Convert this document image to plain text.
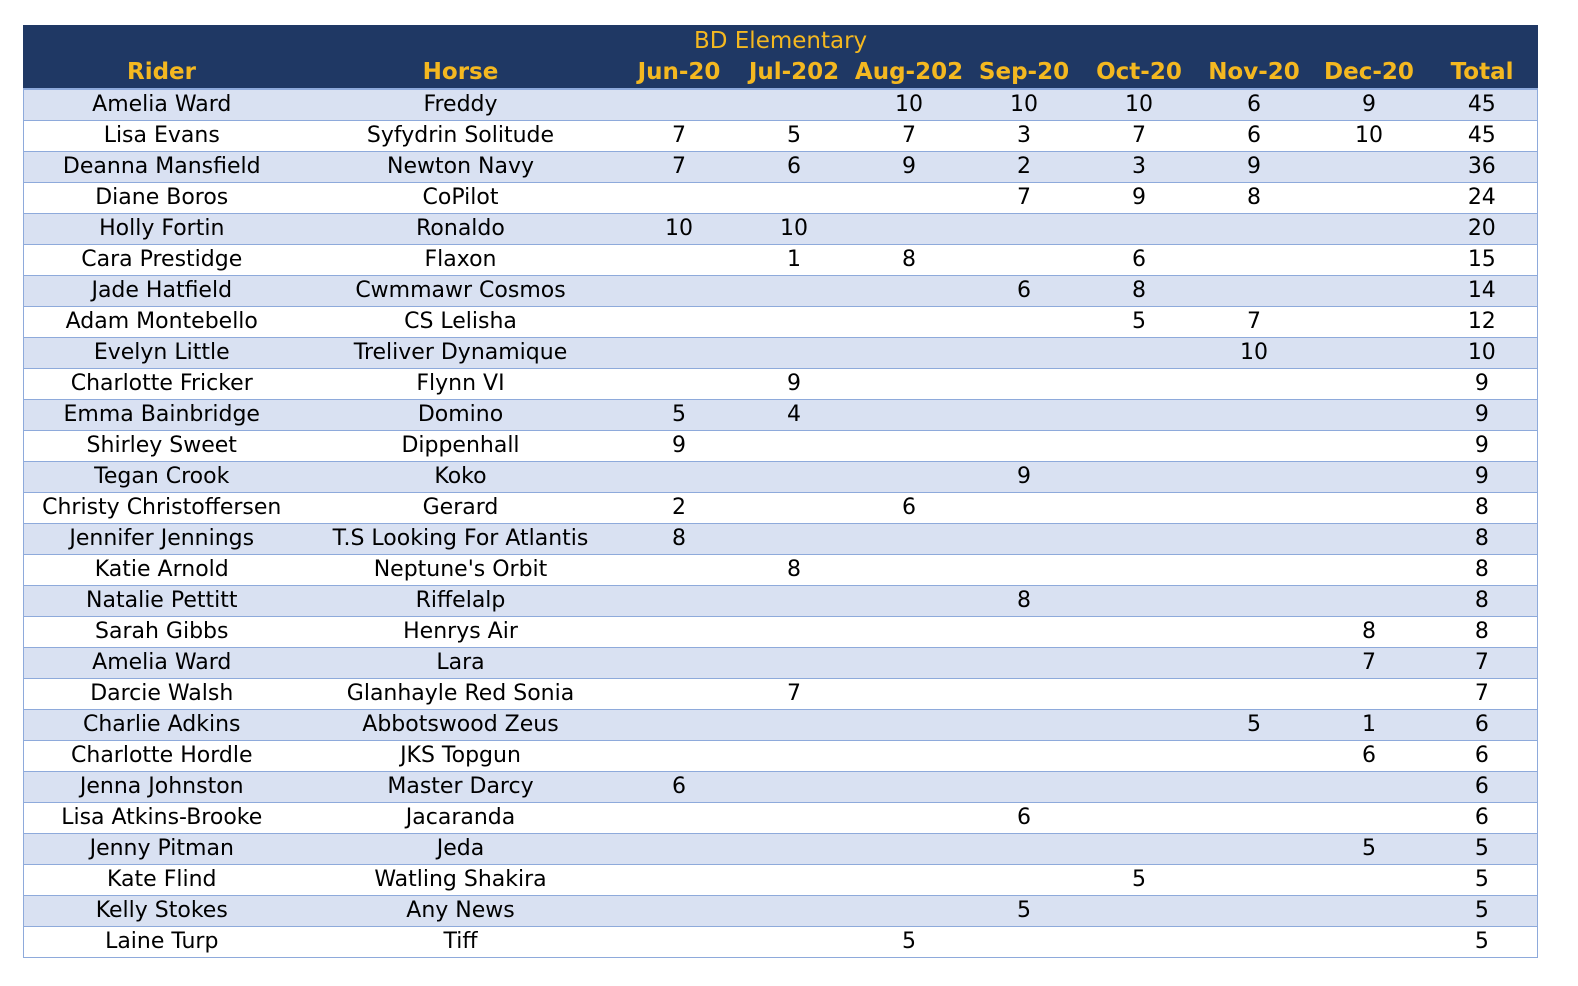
BD Elementary									
Rider	Horse	Jun-20	Jul-202	Aug-202	Sep-20	Oct-20	Nov-20	Dec-20	Total
Amelia Ward	Freddy			10	10	10	6	9	45
Lisa Evans	Syfydrin Solitude	7	5	7	3	7	6	10	45
Deanna Mansfield	Newton Navy	7	6	9	2	3	9		36
Diane Boros	CoPilot				7	9	8		24
Holly Fortin	Ronaldo	10	10						20
Cara Prestidge	Flaxon		1	8		6			15
Jade Hatfield	Cwmmawr Cosmos				6	8			14
Adam Montebello	CS Lelisha					5	7		12
Evelyn Little	Treliver Dynamique						10		10
Charlotte Fricker	Flynn VI		9						9
Emma Bainbridge	Domino	5	4						9
Shirley Sweet	Dippenhall	9							9
Tegan Crook	Koko				9				9
Christy Christoffersen	Gerard	2		6					8
Jennifer Jennings	T.S Looking For Atlantis	8							8
Katie Arnold	Neptune's Orbit		8						8
Natalie Pettitt	Riffelalp				8				8
Sarah Gibbs	Henrys Air							8	8
Amelia Ward	Lara							7	7
Darcie Walsh	Glanhayle Red Sonia		7						7
Charlie Adkins	Abbotswood Zeus						5	1	6
Charlotte Hordle	JKS Topgun							6	6
Jenna Johnston	Master Darcy	6							6
Lisa Atkins-Brooke	Jacaranda				6				6
Jenny Pitman	Jeda							5	5
Kate Flind	Watling Shakira					5			5
Kelly Stokes	Any News				5				5
Laine Turp	Tiff			5					5
